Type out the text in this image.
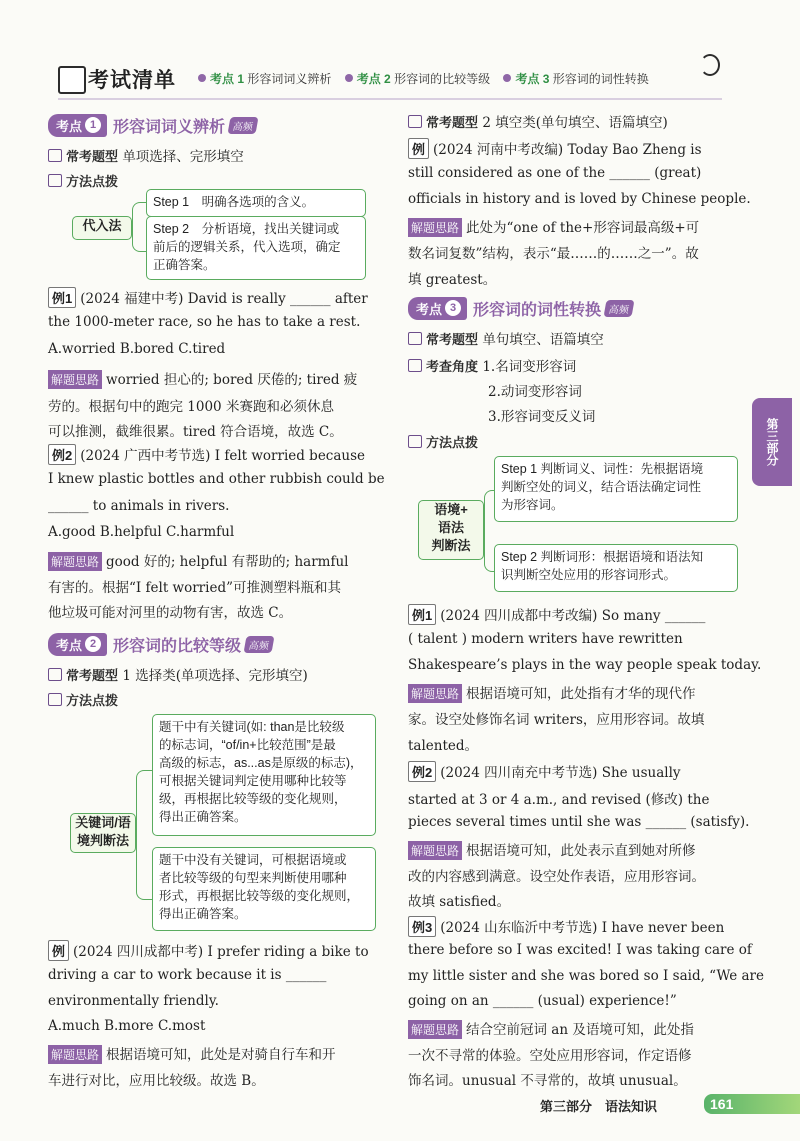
考试清单	考点 1 形容词词义辨析 考点 2 形容词的比较等级 考点 3 形容词的词性转换
考点 1	形容词词义辨析 高频
常考题型 单项选择、完形填空
方法点拨
代入法
Step 1　明确各选项的含义。
Step 2　分析语境，找出关键词或
前后的逻辑关系，代入选项，确定
正确答案。
例1 (2024 福建中考) David is really ______ after
the 1000-meter race, so he has to take a rest.
A.worried B.bored C.tired
解题思路 worried 担心的; bored 厌倦的; tired 疲
劳的。根据句中的跑完 1000 米赛跑和必须休息
可以推测，截维很累。tired 符合语境，故选 C。
例2 (2024 广西中考节选) I felt worried because
I knew plastic bottles and other rubbish could be
______ to animals in rivers.
A.good B.helpful C.harmful
解题思路 good 好的; helpful 有帮助的; harmful
有害的。根据“I felt worried”可推测塑料瓶和其
他垃圾可能对河里的动物有害，故选 C。
考点 2	形容词的比较等级 高频
常考题型 1 选择类(单项选择、完形填空)
方法点拨
关键词/语
境判断法
题干中有关键词(如: than是比较级
的标志词，“of/in+比较范围”是最
高级的标志，as...as是原级的标志)，
可根据关键词判定使用哪种比较等
级，再根据比较等级的变化规则，
得出正确答案。
题干中没有关键词，可根据语境或
者比较等级的句型来判断使用哪种
形式，再根据比较等级的变化规则，
得出正确答案。
例 (2024 四川成都中考) I prefer riding a bike to
driving a car to work because it is ______
environmentally friendly.
A.much B.more C.most
解题思路 根据语境可知，此处是对骑自行车和开
车进行对比，应用比较级。故选 B。
常考题型 2 填空类(单句填空、语篇填空)
例 (2024 河南中考改编) Today Bao Zheng is
still considered as one of the ______ (great)
officials in history and is loved by Chinese people.
解题思路 此处为“one of the+形容词最高级+可
数名词复数”结构，表示“最……的……之一”。故
填 greatest。
考点 3	形容词的词性转换 高频
常考题型 单句填空、语篇填空
考查角度 1.名词变形容词
2.动词变形容词
3.形容词变反义词
方法点拨
语境+
语法
判断法
Step 1 判断词义、词性：先根据语境
判断空处的词义，结合语法确定词性
为形容词。
Step 2 判断词形：根据语境和语法知
识判断空处应用的形容词形式。
例1 (2024 四川成都中考改编) So many ______
( talent ) modern writers have rewritten
Shakespeare’s plays in the way people speak today.
解题思路 根据语境可知，此处指有才华的现代作
家。设空处修饰名词 writers，应用形容词。故填
talented。
例2 (2024 四川南充中考节选) She usually
started at 3 or 4 a.m., and revised (修改) the
pieces several times until she was ______ (satisfy).
解题思路 根据语境可知，此处表示直到她对所修
改的内容感到满意。设空处作表语，应用形容词。
故填 satisfied。
例3 (2024 山东临沂中考节选) I have never been
there before so I was excited! I was taking care of
my little sister and she was bored so I said, “We are
going on an ______ (usual) experience!”
解题思路 结合空前冠词 an 及语境可知，此处指
一次不寻常的体验。空处应用形容词，作定语修
饰名词。unusual 不寻常的，故填 unusual。
第三部分
第三部分　语法知识	161
